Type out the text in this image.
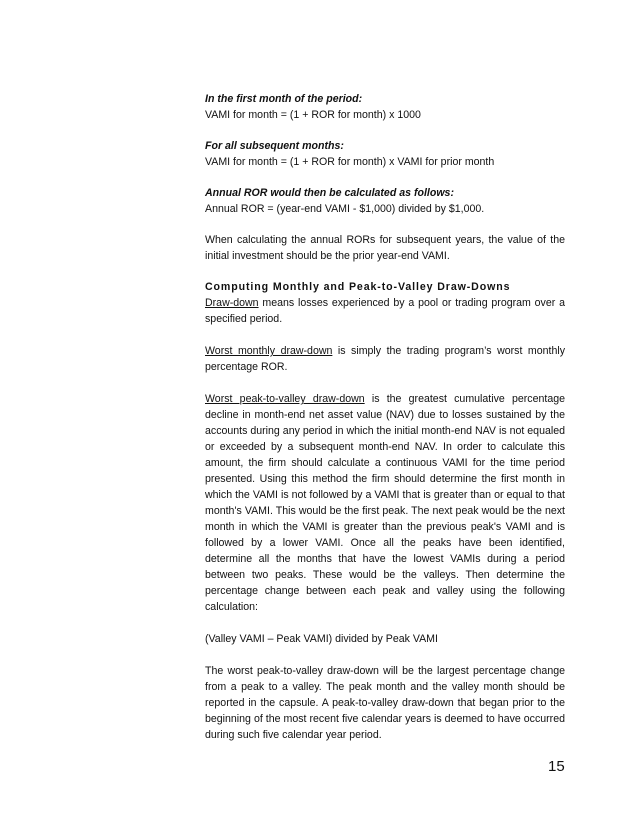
In the first month of the period:

VAMI for month = (1 + ROR for month) x 1000

For all subsequent months:

VAMI for month = (1 + ROR for month) x VAMI for prior month

Annual ROR would then be calculated as follows:

Annual ROR = (year-end VAMI - $1,000) divided by $1,000.

When calculating the annual RORs for subsequent years, the value of the initial investment should be the prior year-end VAMI.

Computing Monthly and Peak-to-Valley Draw-Downs

Draw-down means losses experienced by a pool or trading program over a specified period.

Worst monthly draw-down is simply the trading program’s worst monthly percentage ROR.

Worst peak-to-valley draw-down is the greatest cumulative percentage decline in month-end net asset value (NAV) due to losses sustained by the accounts during any period in which the initial month-end NAV is not equaled or exceeded by a subsequent month-end NAV. In order to calculate this amount, the firm should calculate a continuous VAMI for the time period presented. Using this method the firm should determine the first month in which the VAMI is not followed by a VAMI that is greater than or equal to that month's VAMI. This would be the first peak. The next peak would be the next month in which the VAMI is greater than the previous peak's VAMI and is followed by a lower VAMI. Once all the peaks have been identified, determine all the months that have the lowest VAMIs during a period between two peaks. These would be the valleys. Then determine the percentage change between each peak and valley using the following calculation:

(Valley VAMI – Peak VAMI) divided by Peak VAMI

The worst peak-to-valley draw-down will be the largest percentage change from a peak to a valley. The peak month and the valley month should be reported in the capsule. A peak-to-valley draw-down that began prior to the beginning of the most recent five calendar years is deemed to have occurred during such five calendar year period.

15
